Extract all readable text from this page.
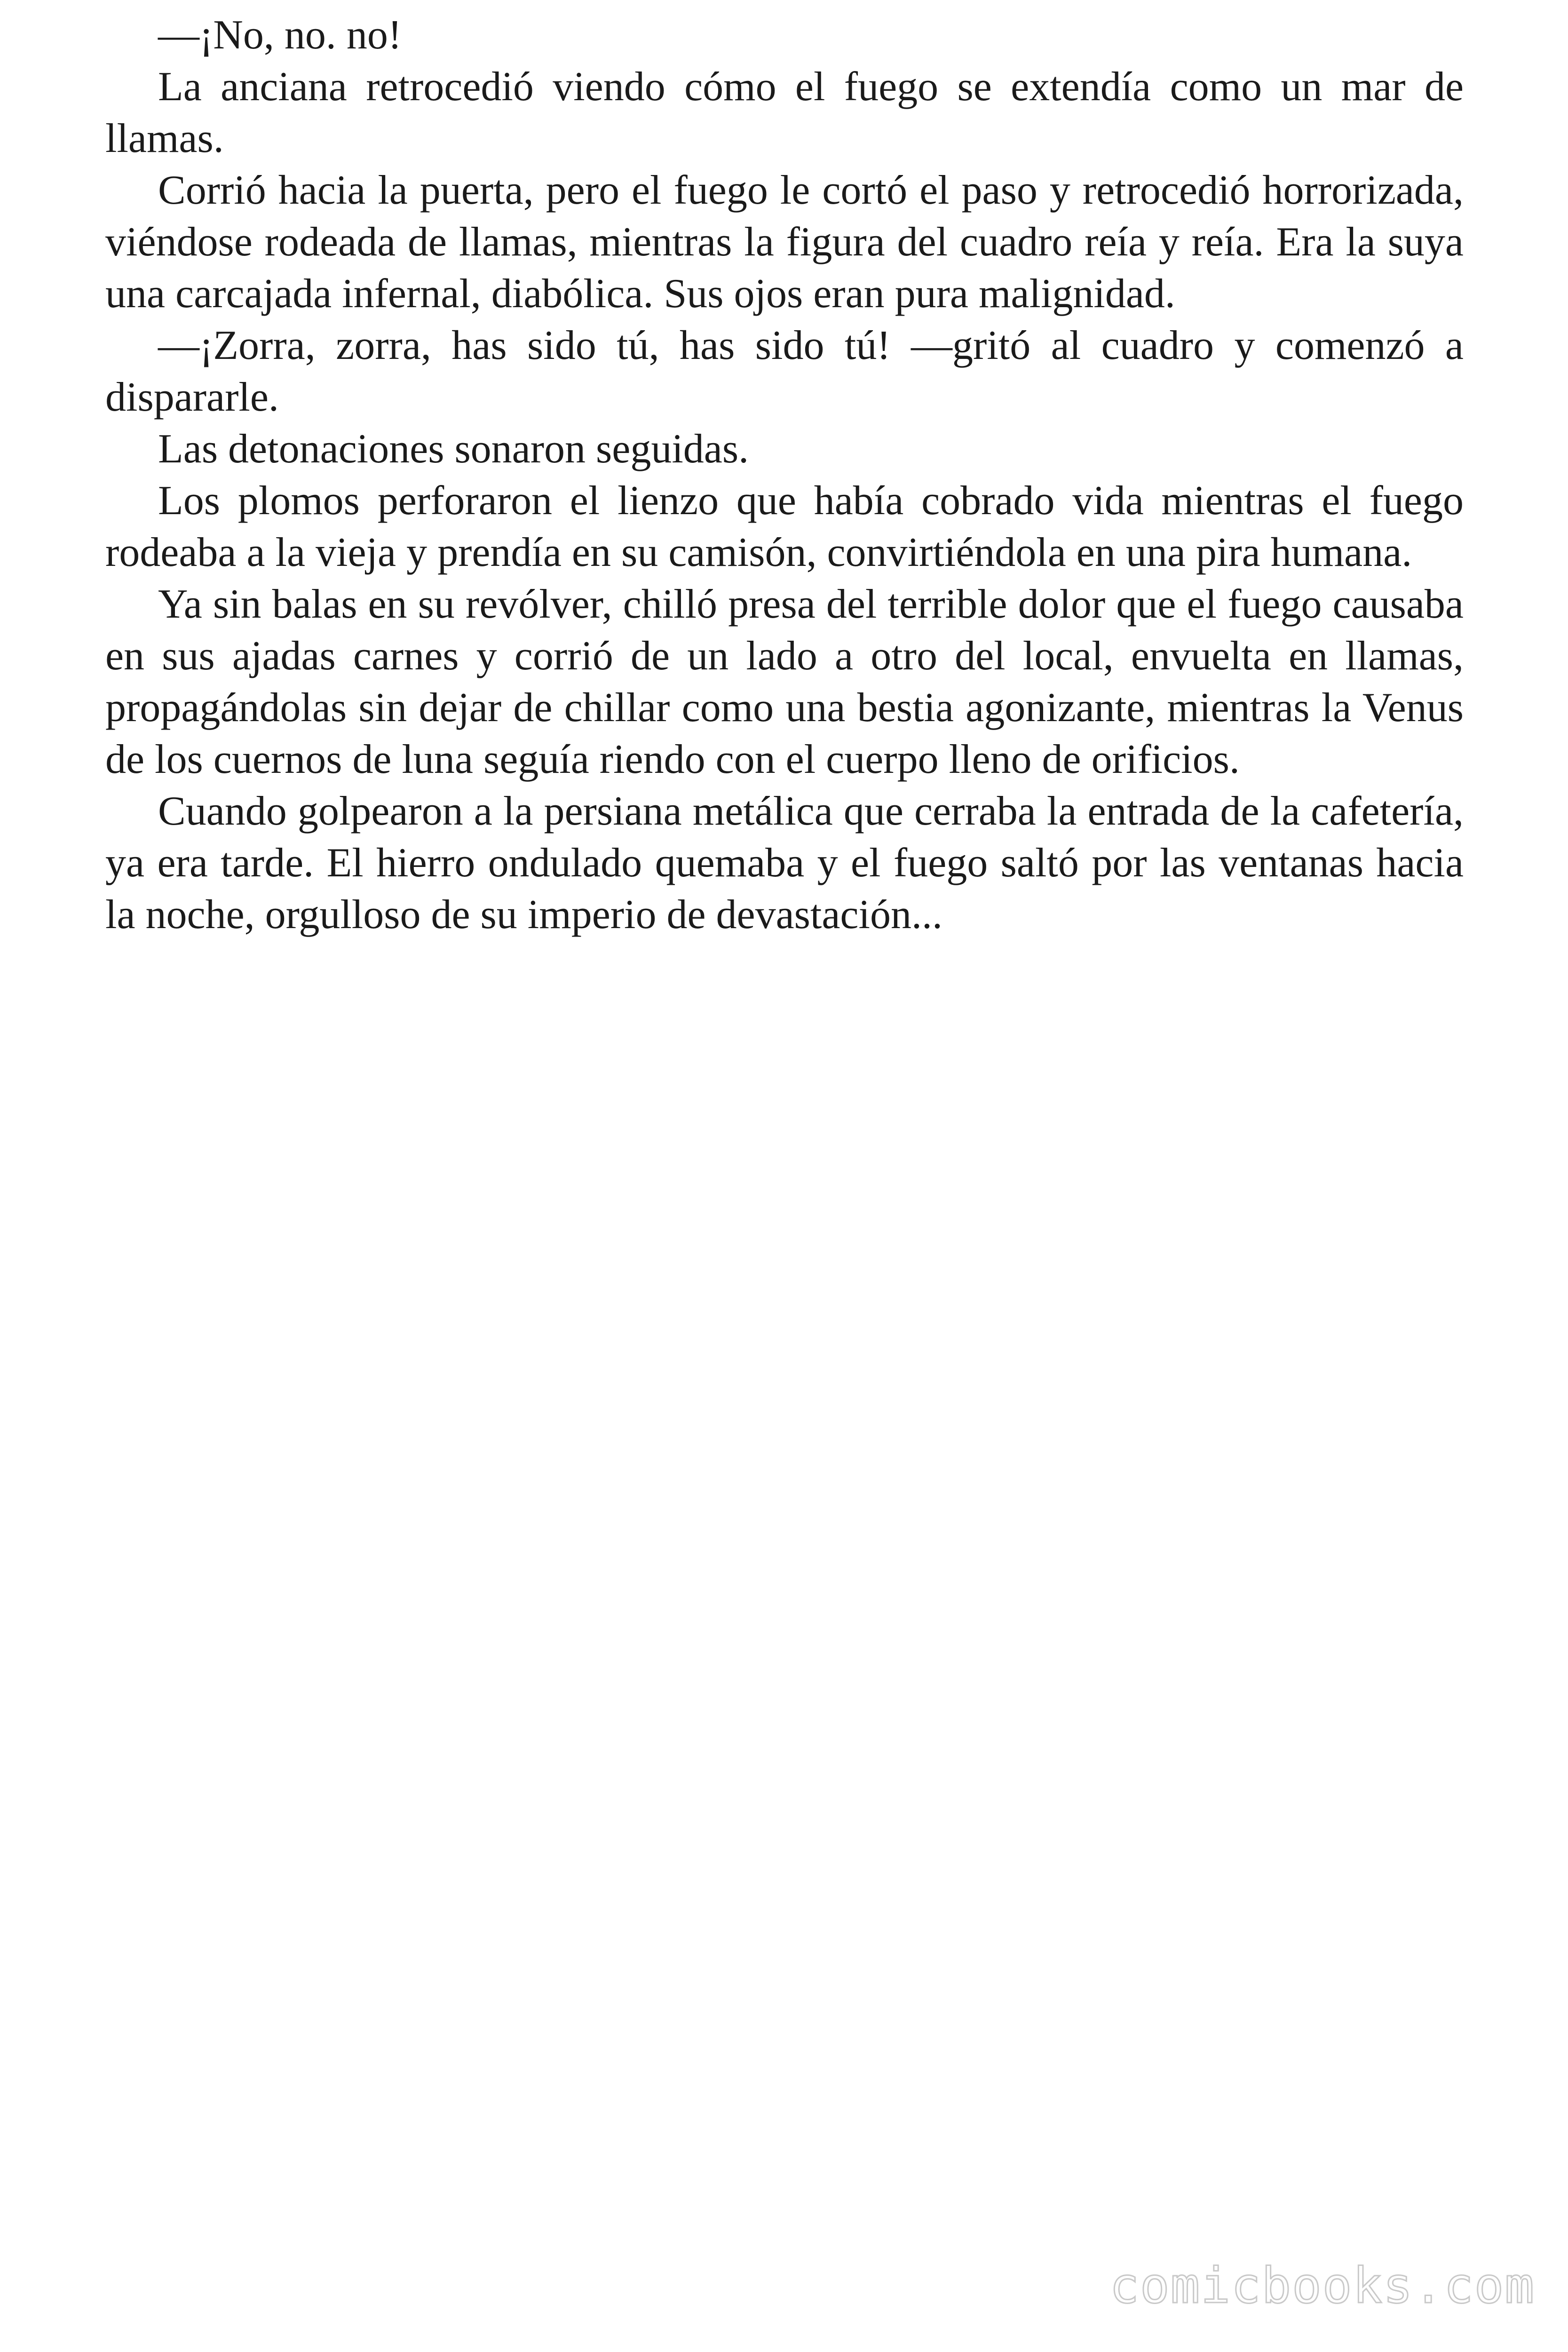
—¡No, no. no!

La anciana retrocedió viendo cómo el fuego se extendía como un mar de llamas.

Corrió hacia la puerta, pero el fuego le cortó el paso y retrocedió horrorizada, viéndose rodeada de llamas, mientras la figura del cuadro reía y reía. Era la suya una carcajada infernal, diabólica. Sus ojos eran pura malignidad.

—¡Zorra, zorra, has sido tú, has sido tú! —gritó al cuadro y comenzó a dispararle.

Las detonaciones sonaron seguidas.

Los plomos perforaron el lienzo que había cobrado vida mientras el fuego rodeaba a la vieja y prendía en su camisón, convirtiéndola en una pira humana.

Ya sin balas en su revólver, chilló presa del terrible dolor que el fuego causaba en sus ajadas carnes y corrió de un lado a otro del local, envuelta en llamas, propagándolas sin dejar de chillar como una bestia agonizante, mientras la Venus de los cuernos de luna seguía riendo con el cuerpo lleno de orificios.

Cuando golpearon a la persiana metálica que cerraba la entrada de la cafetería, ya era tarde. El hierro ondulado quemaba y el fuego saltó por las ventanas hacia la noche, orgulloso de su imperio de devastación...

comicbooks.com
